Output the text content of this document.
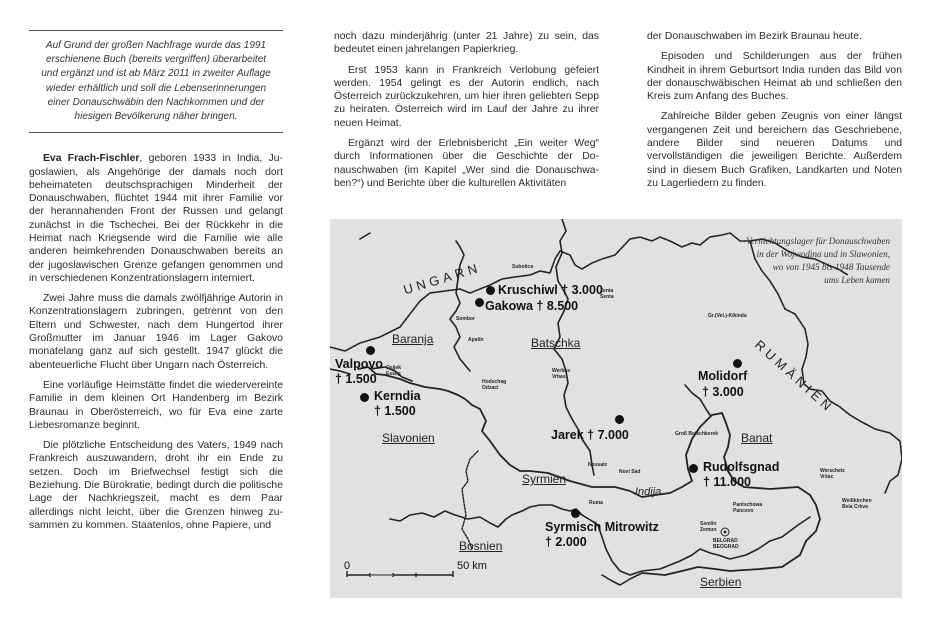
Auf Grund der großen Nachfrage wurde das 1991

erschienene Buch (bereits vergriffen) überarbeitet

und ergänzt und ist ab März 2011 in zweiter Auflage

wieder erhältlich und soll die Lebenserinnerungen

einer Donauschwäbin den Nachkommen und der

hiesigen Bevölkerung näher bringen.

Eva Frach-Fischler, geboren 1933 in India, Jugoslawien, als Angehörige der damals noch dort beheimateten deutschsprachigen Minderheit der Donauschwaben, flüchtet 1944 mit ihrer Familie vor der herannahenden Front der Russen und gelangt zunächst in die Tschechei. Bei der Rückkehr in die Heimat nach Kriegsende wird die Familie wie alle anderen heimkehrenden Donauschwaben bereits an der jugoslawischen Grenze gefangen genommen und in verschiedenen Konzentrationslagern interniert.

Zwei Jahre muss die damals zwölfjährige Autorin in Konzentrationslagern zubringen, getrennt von den Eltern und Schwester, nach dem Hungertod ihrer Großmutter im Januar 1946 im Lager Gakovo monatelang ganz auf sich gestellt. 1947 glückt die abenteuerliche Flucht über Ungarn nach Österreich.

Eine vorläufige Heimstätte findet die wiedervereinte Familie in dem kleinen Ort Handenberg im Bezirk Braunau in Oberösterreich, wo für Eva eine zarte Liebesromanze beginnt.

Die plötzliche Entscheidung des Vaters, 1949 nach Frankreich auszuwandern, droht ihr ein Ende zu setzen. Doch im Briefwechsel festigt sich die Beziehung. Die Bürokratie, bedingt durch die politische Lage der Nachkriegszeit, macht es dem Paar allerdings nicht leicht, über die Grenzen hinweg zusammen zu kommen. Staatenlos, ohne Papiere, und

noch dazu minderjährig (unter 21 Jahre) zu sein, das bedeutet einen jahrelangen Papierkrieg.

Erst 1953 kann in Frankreich Verlobung gefeiert werden. 1954 gelingt es der Autorin endlich, nach Österreich zurückzukehren, um hier ihren geliebten Sepp zu heiraten. Österreich wird im Lauf der Jahre zu ihrer neuen Heimat.

Ergänzt wird der Erlebnisbericht „Ein weiter Weg“ durch Informationen über die Geschichte der Donauschwaben (im Kapitel „Wer sind die Donauschwaben?“) und Berichte über die kulturellen Aktivitäten

der Donauschwaben im Bezirk Braunau heute.

Episoden und Schilderungen aus der frühen Kindheit in ihrem Geburtsort India runden das Bild von der donauschwäbischen Heimat ab und schließen den Kreis zum Anfang des Buches.

Zahlreiche Bilder geben Zeugnis von einer längst vergangenen Zeit und bereichern das Geschriebene, andere Bilder sind neueren Datums und vervollständigen die jeweiligen Berichte. Außerdem sind in diesem Buch Grafiken, Landkarten und Noten zu Lagerliedern zu finden.

Vernichtungslager für Donauschwaben
in der Wojwodina und in Slawonien,
wo von 1945 bis 1948 Tausende
ums Leben kamen
UNGARN
RUMÄNIEN
Baranja	Batschka
Slavonien	Banat
Syrmien
Bosnien
Serbien
Kruschiwl † 3.000
Gakowa † 8.500
Valpovo
† 1.500
Kerndia
† 1.500
Jarek † 7.000
Molidorf
† 3.000
Rudolfsgnad
† 11.000
Syrmisch Mitrowitz
† 2.000
Subotica
Zenta Senta
Sombor
Apatin
Gr.(Vel.)-Kikinda
Osijek Esseg
Hodschag Odzaci
Werbas Vrbas
Neusatz
Novi Sad
Groß Betschkerek
Ruma
Indija
Pantschowa Pancevo
Semlin Zemun
BELGRAD BEOGRAD
Werschetz Vršac
Weißkirchen Bela Crkva
0	50 km
